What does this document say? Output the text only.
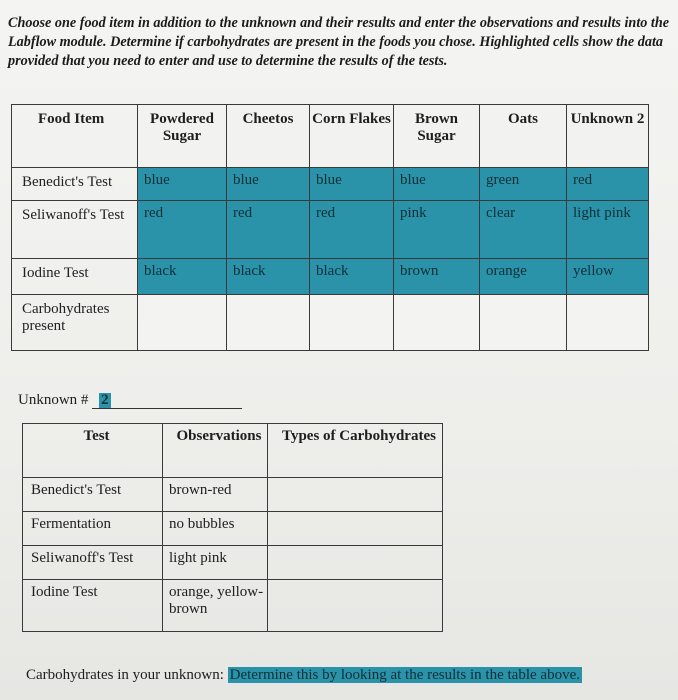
Choose one food item in addition to the unknown and their results and enter the observations and results into the Labflow module. Determine if carbohydrates are present in the foods you chose. Highlighted cells show the data provided that you need to enter and use to determine the results of the tests.
Food Item	Powdered Sugar	Cheetos	Corn Flakes	Brown Sugar	Oats	Unknown 2
Benedict's Test	blue	blue	blue	blue	green	red
Seliwanoff's Test	red	red	red	pink	clear	light pink
Iodine Test	black	black	black	brown	orange	yellow
Carbohydrates present						
Unknown # 2
Test	Observations	Types of Carbohydrates
Benedict's Test	brown-red	
Fermentation	no bubbles	
Seliwanoff's Test	light pink	
Iodine Test	orange, yellow-brown	
Carbohydrates in your unknown: Determine this by looking at the results in the table above.
